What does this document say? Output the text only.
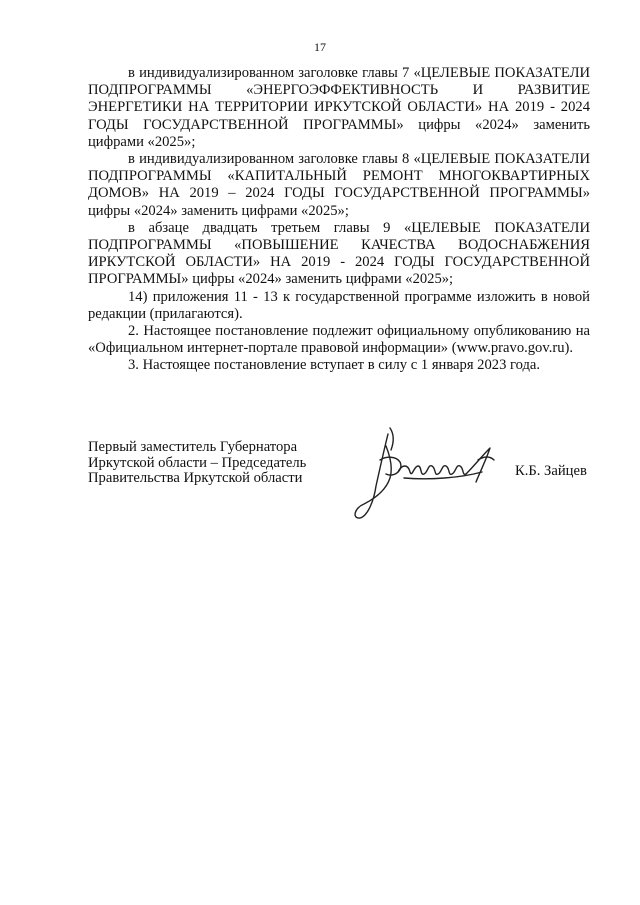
17

в индивидуализированном заголовке главы 7 «ЦЕЛЕВЫЕ ПОКАЗАТЕЛИ ПОДПРОГРАММЫ «ЭНЕРГОЭФФЕКТИВНОСТЬ И РАЗВИТИЕ ЭНЕРГЕТИКИ НА ТЕРРИТОРИИ ИРКУТСКОЙ ОБЛАСТИ» НА 2019 - 2024 ГОДЫ ГОСУДАРСТВЕННОЙ ПРОГРАММЫ» цифры «2024» заменить цифрами «2025»;

в индивидуализированном заголовке главы 8 «ЦЕЛЕВЫЕ ПОКАЗАТЕЛИ ПОДПРОГРАММЫ «КАПИТАЛЬНЫЙ РЕМОНТ МНОГОКВАРТИРНЫХ ДОМОВ» НА 2019 – 2024 ГОДЫ ГОСУДАРСТВЕННОЙ ПРОГРАММЫ» цифры «2024» заменить цифрами «2025»;

в абзаце двадцать третьем главы 9 «ЦЕЛЕВЫЕ ПОКАЗАТЕЛИ ПОДПРОГРАММЫ «ПОВЫШЕНИЕ КАЧЕСТВА ВОДОСНАБЖЕНИЯ ИРКУТСКОЙ ОБЛАСТИ» НА 2019 - 2024 ГОДЫ ГОСУДАРСТВЕННОЙ ПРОГРАММЫ» цифры «2024» заменить цифрами «2025»;

14) приложения 11 - 13 к государственной программе изложить в новой редакции (прилагаются).

2. Настоящее постановление подлежит официальному опубликованию на «Официальном интернет-портале правовой информации» (www.pravo.gov.ru).

3. Настоящее постановление вступает в силу с 1 января 2023 года.

Первый заместитель Губернатора
Иркутской области – Председатель
Правительства Иркутской области	К.Б. Зайцев
